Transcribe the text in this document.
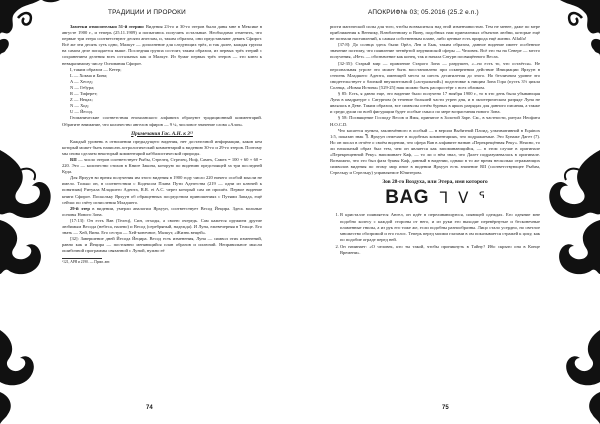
ТРАДИЦИИ И ПРОРОКИ

Заметки относительно 51-й этерии: Видения 23-го и 30-го этеров были даны мне в Мексике в августе 1900 г., и теперь (25.11.1909) я попытаюсь получить остальные. Необходимо отметить, что первые три этера соответствуют десяти ангелам, и, таким образом, они представляют девять Сфирот. Всё же эти десять суть одно, Малкут — дополнение для следующих трёх, и так далее, каждая группа на самом деле попадается выше. Последняя группа состоит, таким образом, из первых трёх этерий с сохранением деления всех остальных как и Малкут. Из бумаг первых трёх этеров — это ключ к невыразимому числу Основания Сфирот.

I, таким образом — Кетер;

L — Хокма и Бина;

A — Хесед;

N — Гебура;

R — Тиферет;

Z — Нецах;

N — Ход;

U — Йесод.

Геоманические соответствия енохианского алфавита образуют традиционный комментарий. Обратите внимание, что количество ангелов эфиров — 9 ¼, числовое значение слова «Алач».

Примечания Гас. А.Н. к 3¹³

Каждый уровень в отношении предыдущего видения, нет достаточной информации, каков кем который может быть написать астрологический комментарий к видению 30-го и 29-го этеров. Поэтому мы снова сделаем некоторый комментарий каббалистической природы.

RII — число этеров соответствует Рыбы, Стрелец, Стрелец, Ноф, Самех, Самех = 100 + 60 + 60 = 220. Это — количество стихов в Книге Закона, которую по видению предстоящей за три последней Куда.

Для Ярхуун во время получения им этого видения в 1900 году число 220 ничего особой мысли не имело. Только он, в соответствии с Кодексом Плана Пути Адептства (219 — одни из ключей к понятиям) Ритуала Младшего Адепта, R.R. et A.C. через который сам он прошёл. Первое видение книги Сфирот. Поскольку Ярхуун об обращенных посредством приношениях с Путями Запада, ещё сейчас по счёту исчисления Младшего.

29-й этер в видении, умерли аналогии Ярхуун, соответствует Весод Йецира. Здесь вольные основы Нового Зона.

[17:13]: Он есть Вав (Телец), Син, отходы, а своею очередь. Сам кажется оружием другие любимым Весода (небеса, налево) и Весод (серебряный, надежда). И Луна, ежевечерняя в Тельце. Его знать — Хей, Вина. Его сестра — Хей-конечное, Малкут, «Жизнь вещей».

[32]: Завершение дней Йесода Йецира. Весод есть изменения, Луна — символ этих изменений, равно как и Йецира — постоянно меняющийся план образов и иллюзий. Неправильное мысли ошибочной программы связанной с Луной, нужно её

¹121, АРЯ и 2190. — Прим. авт.
74
АПОКРИФ№ 03; 05.2016 (25.2 e.n.)

ристи магической силы для того, чтобы возвыситься над этой изменчивостью. Тем не менее, даже по мере приближения к Венчику, Влюбленному и Вину, подобных нам приемлемых объектов любви, которые ещё не познали наставлений, к самым собственным плане, либо ценные есть природа ещё жизни. Alfalfa!

[37:8]: До солнца здесь были Орёл, Лев и Бык, таким образом, данное видение имеет особенное значение поэтому, что появление четвёртой херувимской сферы — Человек. Всё это ты на Севере — место получения, «Нет» — обозначение как конец, так и начала Сатурн посвящённого Весах.

[32-35]: Старый мир — правление Старого Зона — разрушен, «...но есть то, что остаётся». Не персональная угрозе это может быть восстановлено при осквернении действие Инициации Ярхуун в степень Младшего Адепта, имеющей места за шесть десятилетия до этого. Но безличном уровне это свидетельствует о близкой внушительной («астральной») подготовке к нищим Зона Гора (пусть 3½ цикла Солнца, «Новая Истина» [529-25] наш можно быть распростёрт с всех обликом.

§ 85: Есть, я давно еще, это видение было получено 17 ноября 1900 г., то в это день была убывающая Луна в квадратуре с Сатурном (в течение большей части утрен дня, и в экзотерическом разряде Луна не являлась в Деве. Таким образом, все символы огнём бурных в ярких разрядах для данного писания, а также и среди души по всей фигурации будет особые смысл по мере возрастания нового Зона.

§ 58: Посвящение Господу Весов и Ямы, принятое в Золотой Заре. См., в частности, ритуал Неофита Н.О.С.D.

Что касается пункта, заключённого в особый — в версии Выбитной Плоид, ультимативной в Equinox 1:5, показан знак ᒣ. Ярхуун отмечает в подобных комментариях, что подражаемые. Это Бунаже Дагет (7). Но он писал в отчёте о своём видении, что сфера Вав в алфавите назван «Перекрещённая Реку». Неясно, то ли начальный образ был тем, чем он является как запоминающийся, — в этом случае в оригинале «Перекрещенной Реку» напоминает Каф, — то ли о нём знал, что Далет подразумевалась в оригинале. Возможно, что это был фаза буквы Каф, данный в видении, однако в то же время несколько отражающих символов видения по этому мир иное в видении Ярхуун есть значение RII (соответствующее Рыбам, Стрельцу и Стрельцу) управляемое Юпитером.

Зов 28-го Воздуха, или Этера, имя которого
BAG ᒣ ᐯ ᕐ
1. В кристалле появляется Ангел, он идёт в переливающуюся, сияющей одеждах. Его одеяние мне подобно колесу с каждой стороны от него, и из руки его выходят перевёрнутые и бесконечные пламенные гнилы, а из рук его тоже же, если подобны разнообразны. Лицо стало усердно, но светлое множество обозримой и его голос. Теперь перед моими глазами в ом показывается стражей к цоку, как по подобие ограде перед ней.
2. Он начинает: «О человек, кто ты такой, чтобы проникнуть в Тайну? Ибо скрыто она в Конце Времени».
75
